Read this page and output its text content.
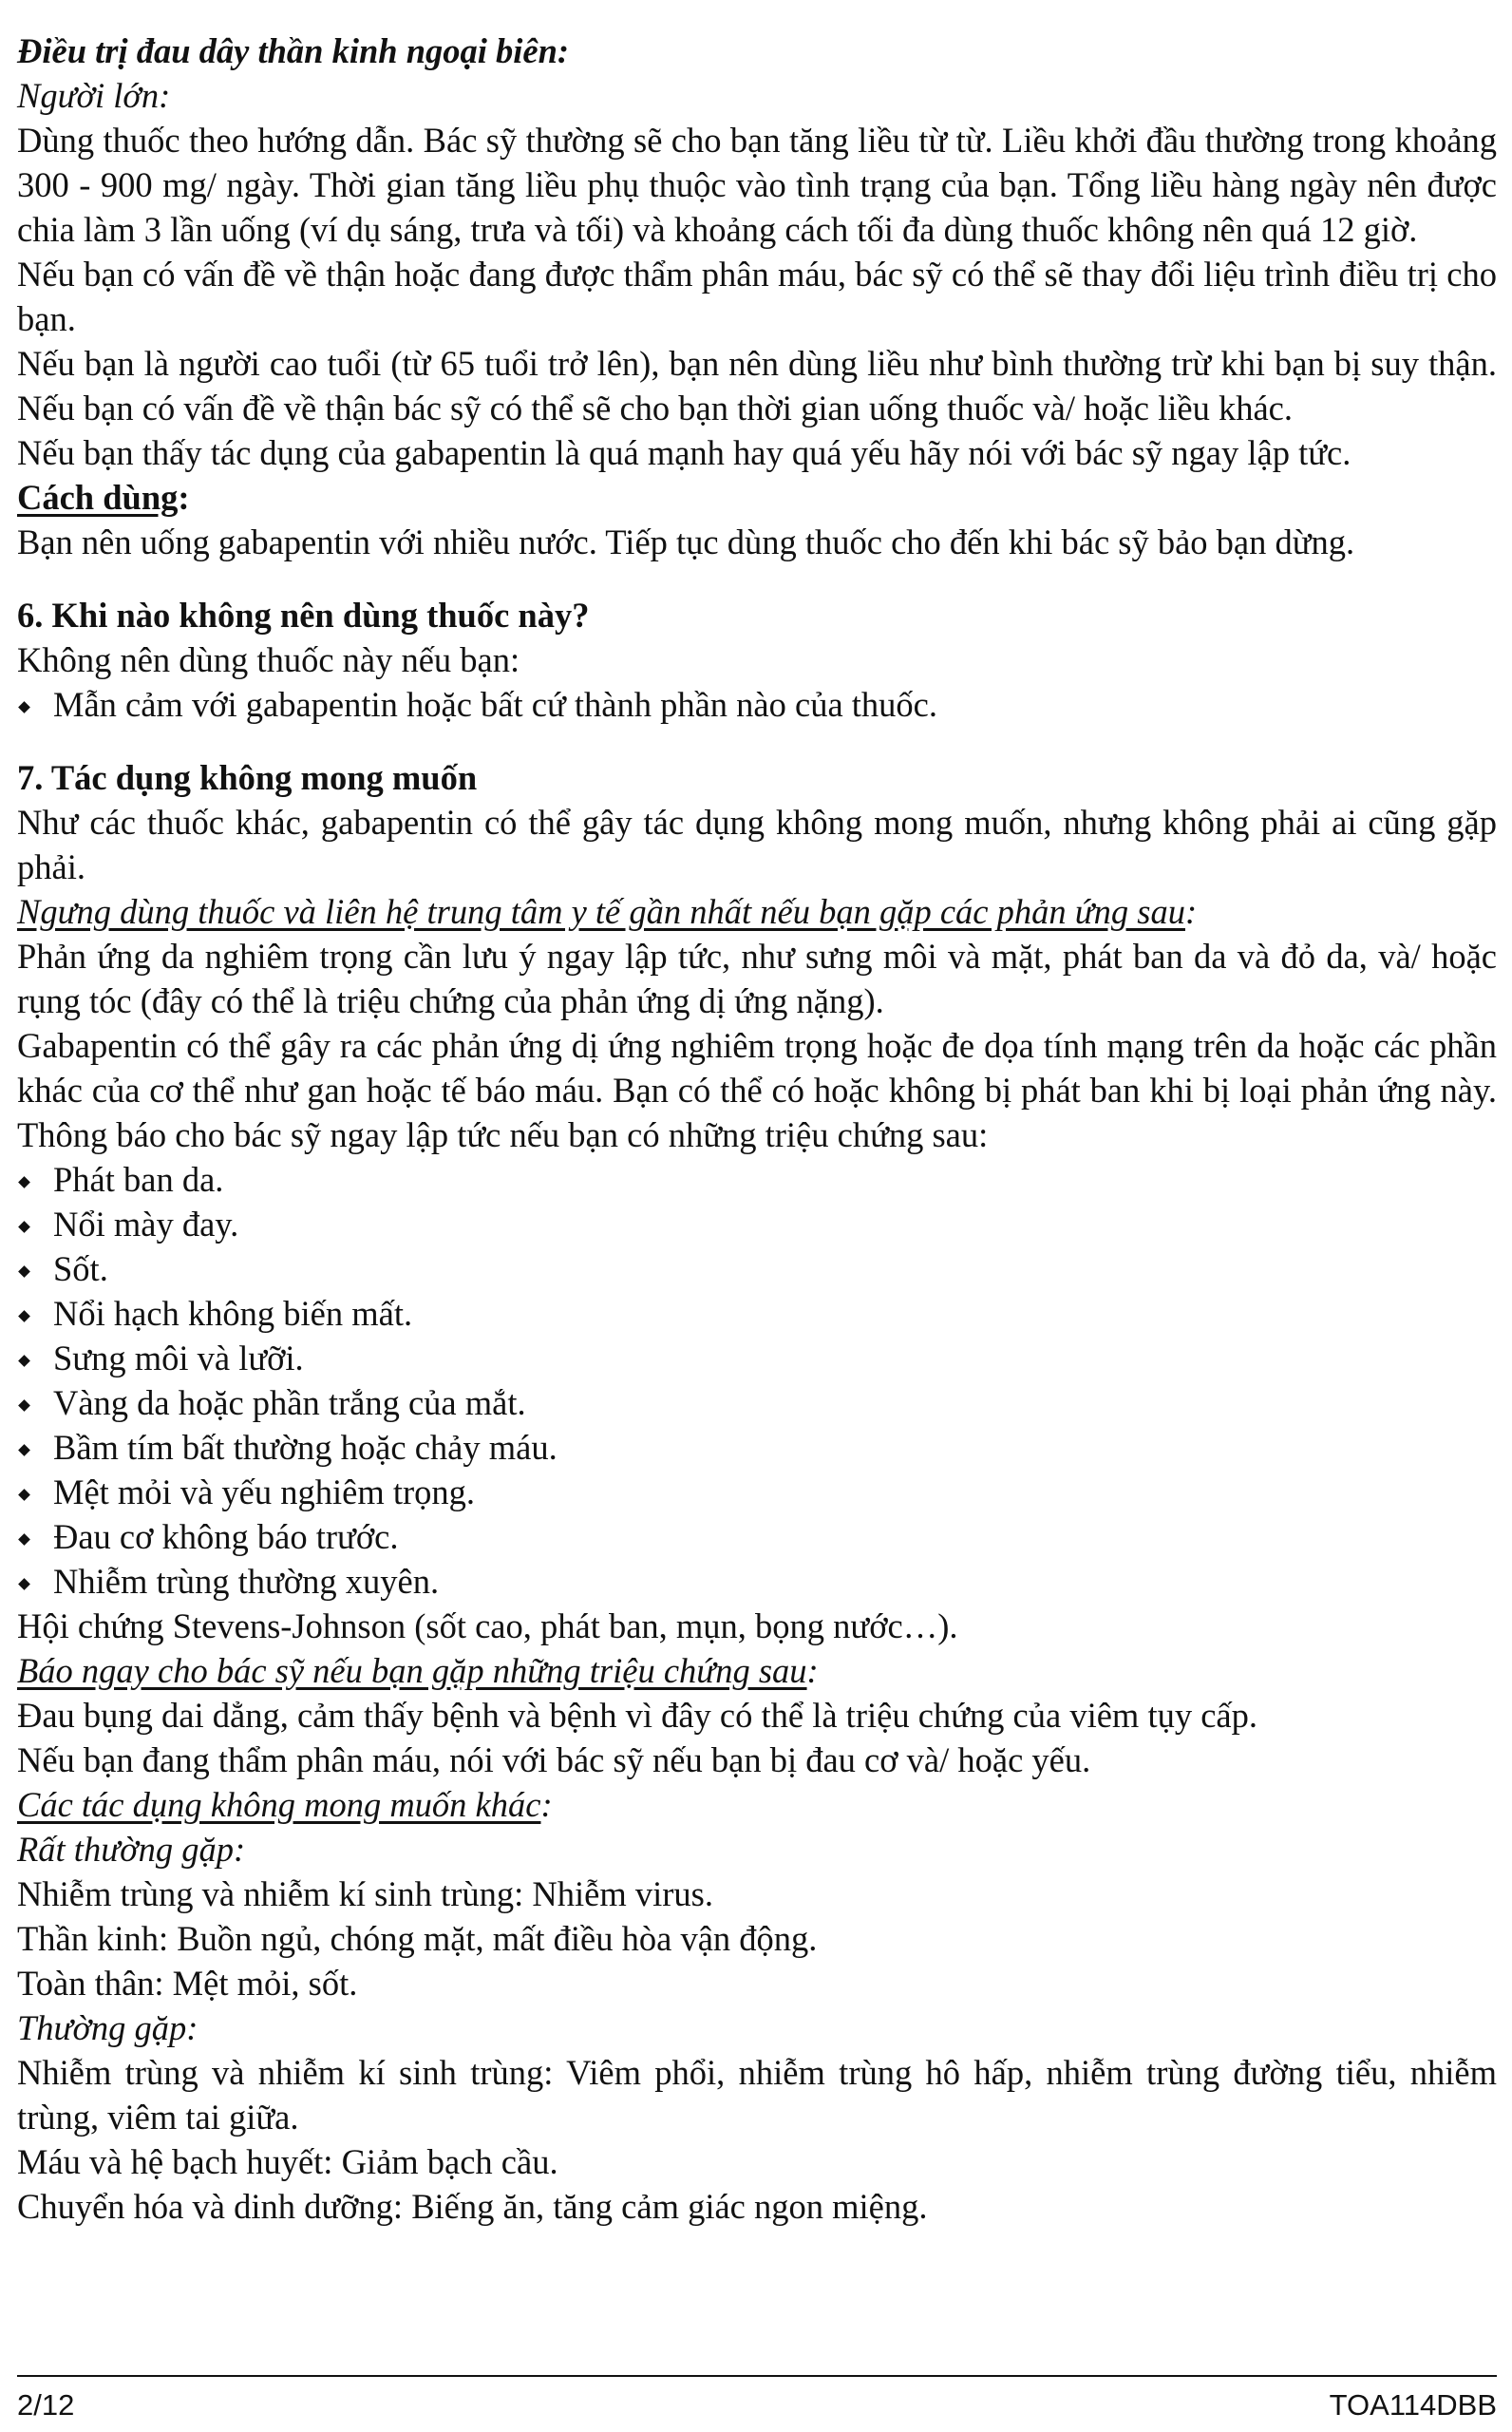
Điều trị đau dây thần kinh ngoại biên:

Người lớn:

Dùng thuốc theo hướng dẫn. Bác sỹ thường sẽ cho bạn tăng liều từ từ. Liều khởi đầu thường trong khoảng 300 - 900 mg/ ngày. Thời gian tăng liều phụ thuộc vào tình trạng của bạn. Tổng liều hàng ngày nên được chia làm 3 lần uống (ví dụ sáng, trưa và tối) và khoảng cách tối đa dùng thuốc không nên quá 12 giờ.

Nếu bạn có vấn đề về thận hoặc đang được thẩm phân máu, bác sỹ có thể sẽ thay đổi liệu trình điều trị cho bạn.

Nếu bạn là người cao tuổi (từ 65 tuổi trở lên), bạn nên dùng liều như bình thường trừ khi bạn bị suy thận. Nếu bạn có vấn đề về thận bác sỹ có thể sẽ cho bạn thời gian uống thuốc và/ hoặc liều khác.

Nếu bạn thấy tác dụng của gabapentin là quá mạnh hay quá yếu hãy nói với bác sỹ ngay lập tức.

Cách dùng:

Bạn nên uống gabapentin với nhiều nước. Tiếp tục dùng thuốc cho đến khi bác sỹ bảo bạn dừng.

6. Khi nào không nên dùng thuốc này?

Không nên dùng thuốc này nếu bạn:

Mẫn cảm với gabapentin hoặc bất cứ thành phần nào của thuốc.

7. Tác dụng không mong muốn

Như các thuốc khác, gabapentin có thể gây tác dụng không mong muốn, nhưng không phải ai cũng gặp phải.

Ngưng dùng thuốc và liên hệ trung tâm y tế gần nhất nếu bạn gặp các phản ứng sau:

Phản ứng da nghiêm trọng cần lưu ý ngay lập tức, như sưng môi và mặt, phát ban da và đỏ da, và/ hoặc rụng tóc (đây có thể là triệu chứng của phản ứng dị ứng nặng).

Gabapentin có thể gây ra các phản ứng dị ứng nghiêm trọng hoặc đe dọa tính mạng trên da hoặc các phần khác của cơ thể như gan hoặc tế báo máu. Bạn có thể có hoặc không bị phát ban khi bị loại phản ứng này. Thông báo cho bác sỹ ngay lập tức nếu bạn có những triệu chứng sau:

Phát ban da.
Nổi mày đay.
Sốt.
Nổi hạch không biến mất.
Sưng môi và lưỡi.
Vàng da hoặc phần trắng của mắt.
Bầm tím bất thường hoặc chảy máu.
Mệt mỏi và yếu nghiêm trọng.
Đau cơ không báo trước.
Nhiễm trùng thường xuyên.

Hội chứng Stevens-Johnson (sốt cao, phát ban, mụn, bọng nước…).

Báo ngay cho bác sỹ nếu bạn gặp những triệu chứng sau:

Đau bụng dai dẳng, cảm thấy bệnh và bệnh vì đây có thể là triệu chứng của viêm tụy cấp.

Nếu bạn đang thẩm phân máu, nói với bác sỹ nếu bạn bị đau cơ và/ hoặc yếu.

Các tác dụng không mong muốn khác:

Rất thường gặp:

Nhiễm trùng và nhiễm kí sinh trùng: Nhiễm virus.

Thần kinh: Buồn ngủ, chóng mặt, mất điều hòa vận động.

Toàn thân: Mệt mỏi, sốt.

Thường gặp:

Nhiễm trùng và nhiễm kí sinh trùng: Viêm phổi, nhiễm trùng hô hấp, nhiễm trùng đường tiểu, nhiễm trùng, viêm tai giữa.

Máu và hệ bạch huyết: Giảm bạch cầu.

Chuyển hóa và dinh dưỡng: Biếng ăn, tăng cảm giác ngon miệng.

2/12	TOA114DBB
